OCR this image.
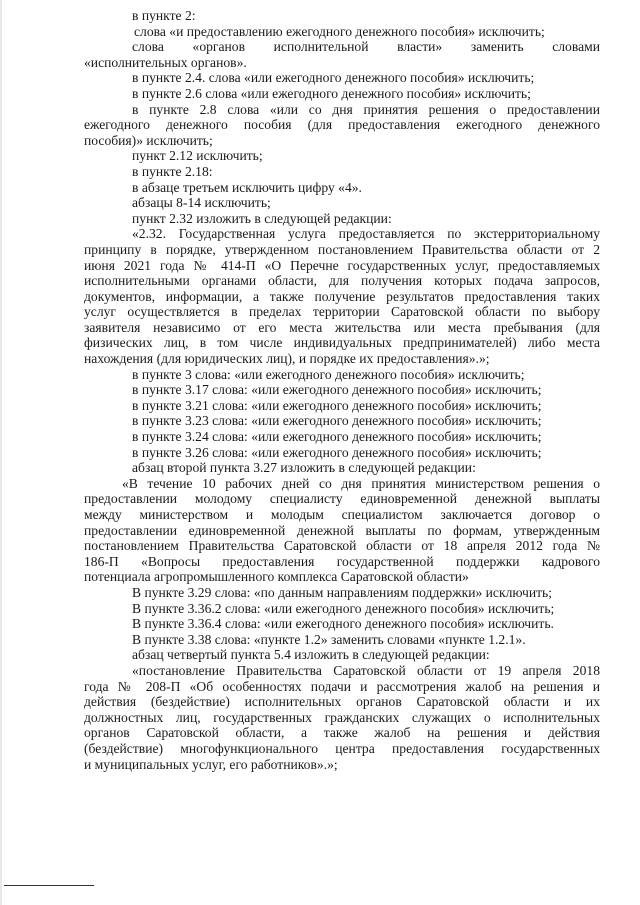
в пункте 2:
слова «и предоставлению ежегодного денежного пособия» исключить;
слова «органов исполнительной власти» заменить словами
«исполнительных органов».
в пункте 2.4. слова «или ежегодного денежного пособия» исключить;
в пункте 2.6 слова «или ежегодного денежного пособия» исключить;
в пункте 2.8 слова «или со дня принятия решения о предоставлении
ежегодного денежного пособия (для предоставления ежегодного денежного
пособия)» исключить;
пункт 2.12 исключить;
в пункте 2.18:
в абзаце третьем исключить цифру «4».
абзацы 8-14 исключить;
пункт 2.32 изложить в следующей редакции:
«2.32. Государственная услуга предоставляется по экстерриториальному
принципу в порядке, утвержденном постановлением Правительства области от 2
июня 2021 года № 414-П «О Перечне государственных услуг, предоставляемых
исполнительными органами области, для получения которых подача запросов,
документов, информации, а также получение результатов предоставления таких
услуг осуществляется в пределах территории Саратовской области по выбору
заявителя независимо от его места жительства или места пребывания (для
физических лиц, в том числе индивидуальных предпринимателей) либо места
нахождения (для юридических лиц), и порядке их предоставления».»;
в пункте 3 слова: «или ежегодного денежного пособия» исключить;
в пункте 3.17 слова: «или ежегодного денежного пособия» исключить;
в пункте 3.21 слова: «или ежегодного денежного пособия» исключить;
в пункте 3.23 слова: «или ежегодного денежного пособия» исключить;
в пункте 3.24 слова: «или ежегодного денежного пособия» исключить;
в пункте 3.26 слова: «или ежегодного денежного пособия» исключить;
абзац второй пункта 3.27 изложить в следующей редакции:
«В течение 10 рабочих дней со дня принятия министерством решения о
предоставлении молодому специалисту единовременной денежной выплаты
между министерством и молодым специалистом заключается договор о
предоставлении единовременной денежной выплаты по формам, утвержденным
постановлением Правительства Саратовской области от 18 апреля 2012 года №
186-П «Вопросы предоставления государственной поддержки кадрового
потенциала агропромышленного комплекса Саратовской области»
В пункте 3.29 слова: «по данным направлениям поддержки» исключить;
В пункте 3.36.2 слова: «или ежегодного денежного пособия» исключить;
В пункте 3.36.4 слова: «или ежегодного денежного пособия» исключить.
В пункте 3.38 слова: «пункте 1.2» заменить словами «пункте 1.2.1».
абзац четвертый пункта 5.4 изложить в следующей редакции:
«постановление Правительства Саратовской области от 19 апреля 2018
года № 208-П «Об особенностях подачи и рассмотрения жалоб на решения и
действия (бездействие) исполнительных органов Саратовской области и их
должностных лиц, государственных гражданских служащих о исполнительных
органов Саратовской области, а также жалоб на решения и действия
(бездействие) многофункционального центра предоставления государственных
и муниципальных услуг, его работников».»;
